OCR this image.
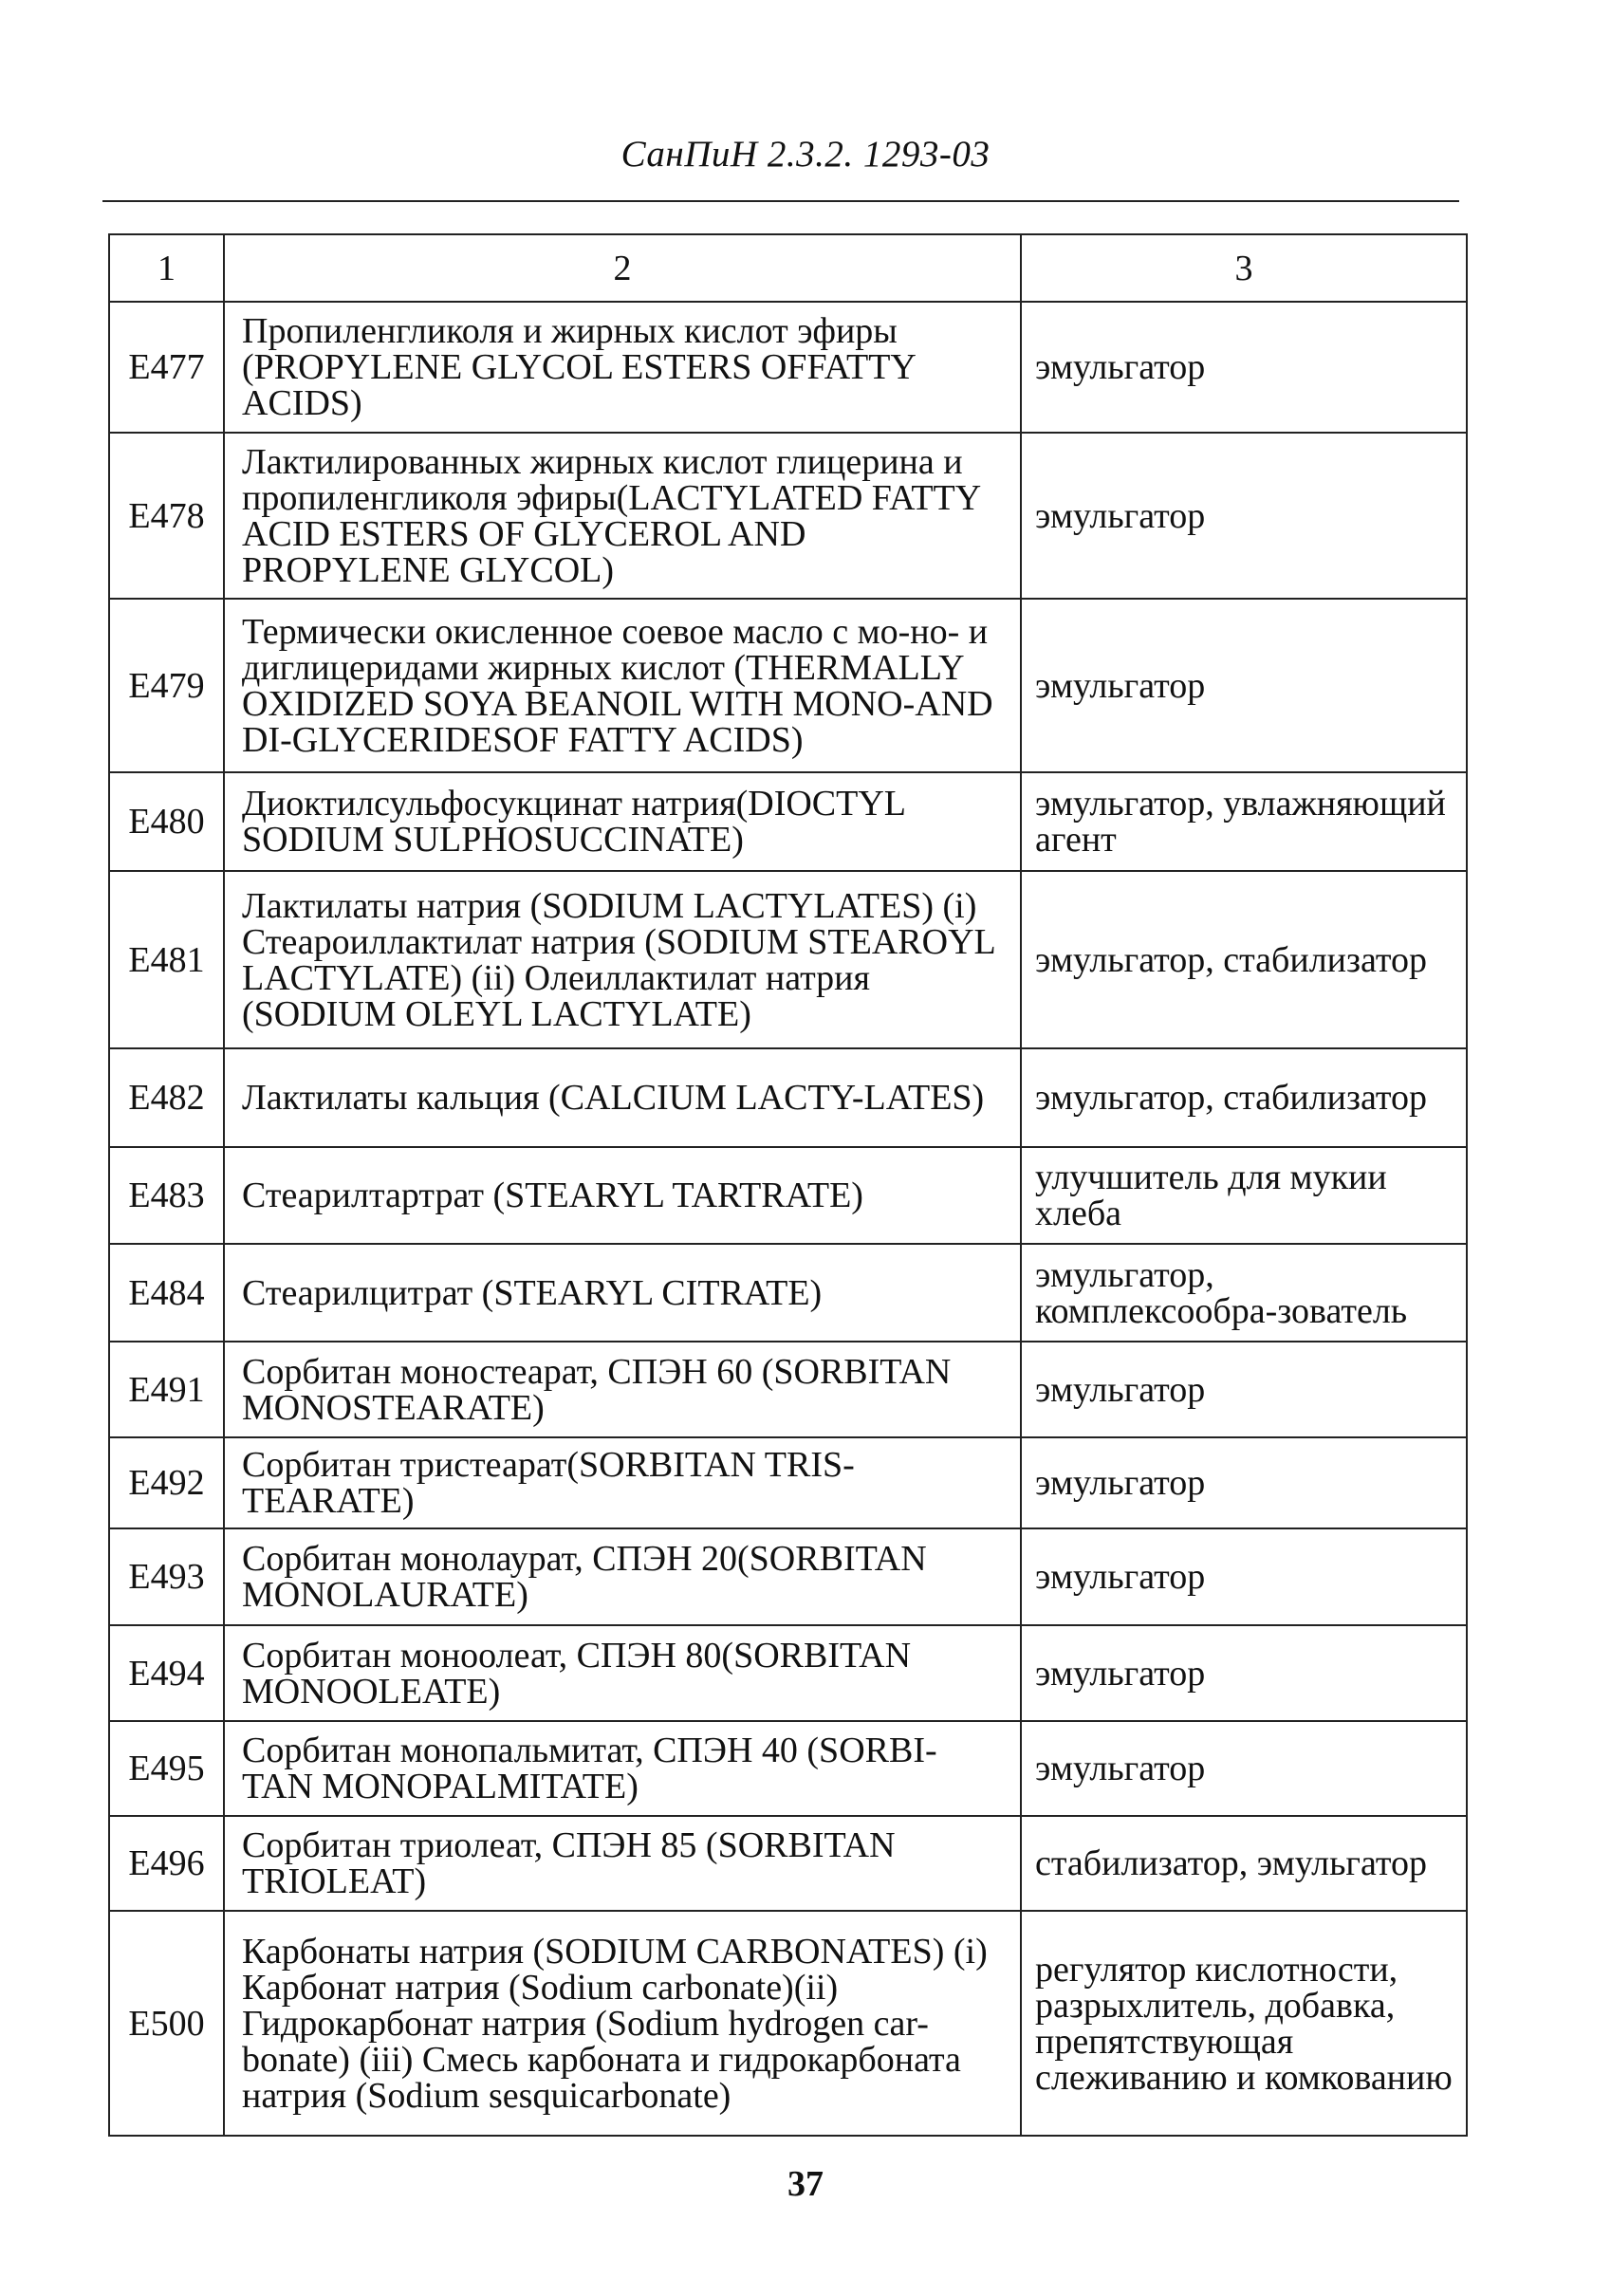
СанПиН 2.3.2. 1293-03
1	2	3
Е477	Пропиленгликоля и жирных кислот эфиры (PROPYLENE GLYCOL ESTERS OFFATTY ACIDS)	эмульгатор
Е478	Лактилированных жирных кислот глицерина и пропиленгликоля эфиры(LACTYLATED FATTY ACID ESTERS OF GLYCEROL AND PROPYLENE GLYCOL)	эмульгатор
Е479	Термически окисленное соевое масло с мо-но- и диглицеридами жирных кислот (THERMALLY OXIDIZED SOYA BEANOIL WITH MONO-AND DI-GLYCERIDESOF FATTY ACIDS)	эмульгатор
Е480	Диоктилсульфосукцинат натрия(DIOCTYL SODIUM SULPHOSUCCINATE)	эмульгатор, увлажняющий агент
Е481	Лактилаты натрия (SODIUM LACTYLATES) (i) Стеароиллактилат натрия (SODIUM STEAROYL LACTYLATE) (ii) Олеиллактилат натрия (SODIUM OLEYL LACTYLATE)	эмульгатор, стабилизатор
Е482	Лактилаты кальция (CALCIUM LACTY-LATES)	эмульгатор, стабилизатор
Е483	Стеарилтартрат (STEARYL TARTRATE)	улучшитель для мукии хлеба
Е484	Стеарилцитрат (STEARYL CITRATE)	эмульгатор, комплексообра-зователь
Е491	Сорбитан моностеарат, СПЭН 60 (SORBITAN MONOSTEARATE)	эмульгатор
Е492	Сорбитан тристеарат(SORBITAN TRIS-TEARATE)	эмульгатор
Е493	Сорбитан монолаурат, СПЭН 20(SORBITAN MONOLAURATE)	эмульгатор
Е494	Сорбитан моноолеат, СПЭН 80(SORBITAN MONOOLEATE)	эмульгатор
Е495	Сорбитан монопальмитат, СПЭН 40 (SORBI-TAN MONOPALMITATE)	эмульгатор
Е496	Сорбитан триолеат, СПЭН 85 (SORBITAN TRIOLEAT)	стабилизатор, эмульгатор
Е500	Карбонаты натрия (SODIUM CARBONATES) (i) Карбонат натрия (Sodium carbonate)(ii) Гидрокарбонат натрия (Sodium hydrogen car-bonate) (iii) Смесь карбоната и гидрокарбоната натрия (Sodium sesquicarbonate)	регулятор кислотности, разрыхлитель, добавка, препятствующая слеживанию и комкованию
37
